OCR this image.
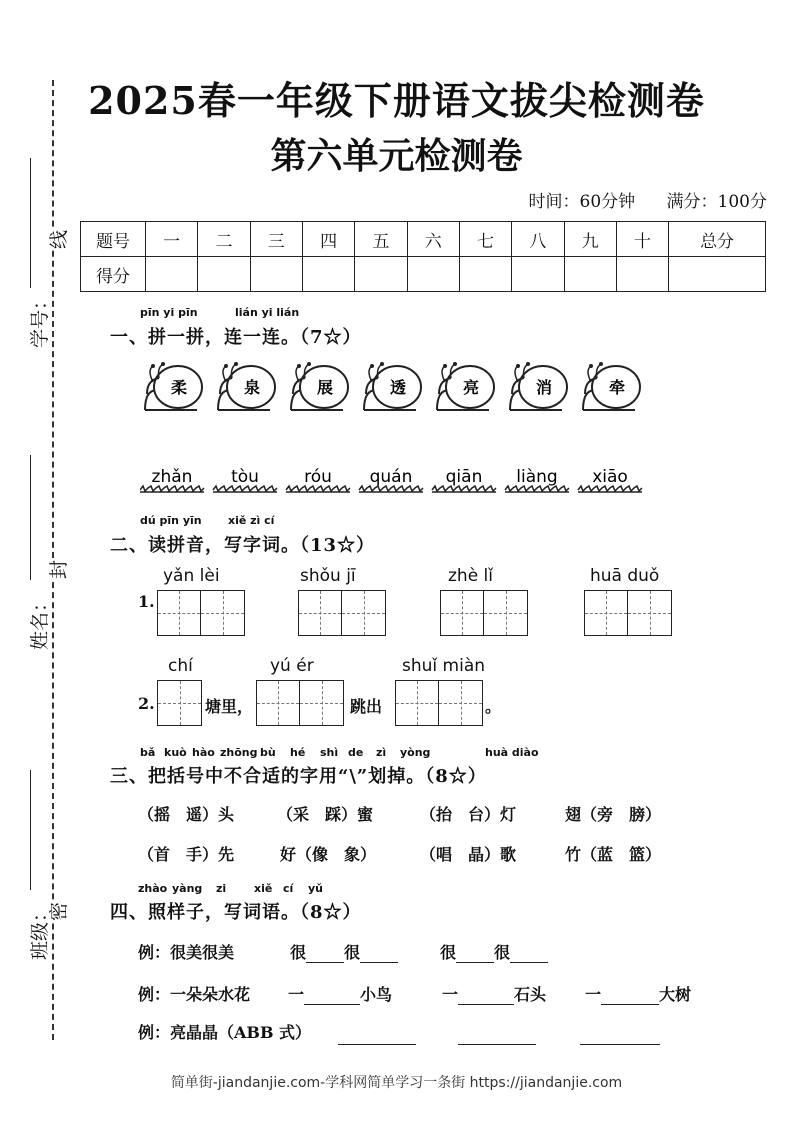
2025春一年级下册语文拔尖检测卷
第六单元检测卷
时间：60分钟 满分：100分
题号	一	二	三	四	五	六	七	八	九	十	总分
得分											
线
封
密
学号：
姓名：
班级：
pīn yi pīn	lián yi lián
一、拼一拼，连一连。（7☆）
柔	泉	展	透	亮	消	牵
zhǎn tòu	róu quán qiān liàng xiāo
dú pīn yīn xiě zì cí
二、读拼音，写字词。（13☆）
1.
yǎn lèi	shǒu jī	zhè lǐ	huā duǒ
2.
chí
塘里，
yú ér
跳出
shuǐ miàn
。
bǎ kuò hào zhōng bù hé shì de zì yòng	huà diào
三、把括号中不合适的字用“\”划掉。（8☆）
（摇　遥）头	（采　踩）蜜	（抬　台）灯	翅（旁　膀）
（首　手）先	好（像　象）	（唱　晶）歌	竹（蓝　篮）
zhào yàng zi	xiě cí yǔ
四、照样子，写词语。（8☆）
例：很美很美	很 很	很 很
例：一朵朵水花 一	小鸟	一	石头 一	大树
例：亮晶晶（ABB 式）
简单街-jiandanjie.com-学科网简单学习一条街 https://jiandanjie.com
